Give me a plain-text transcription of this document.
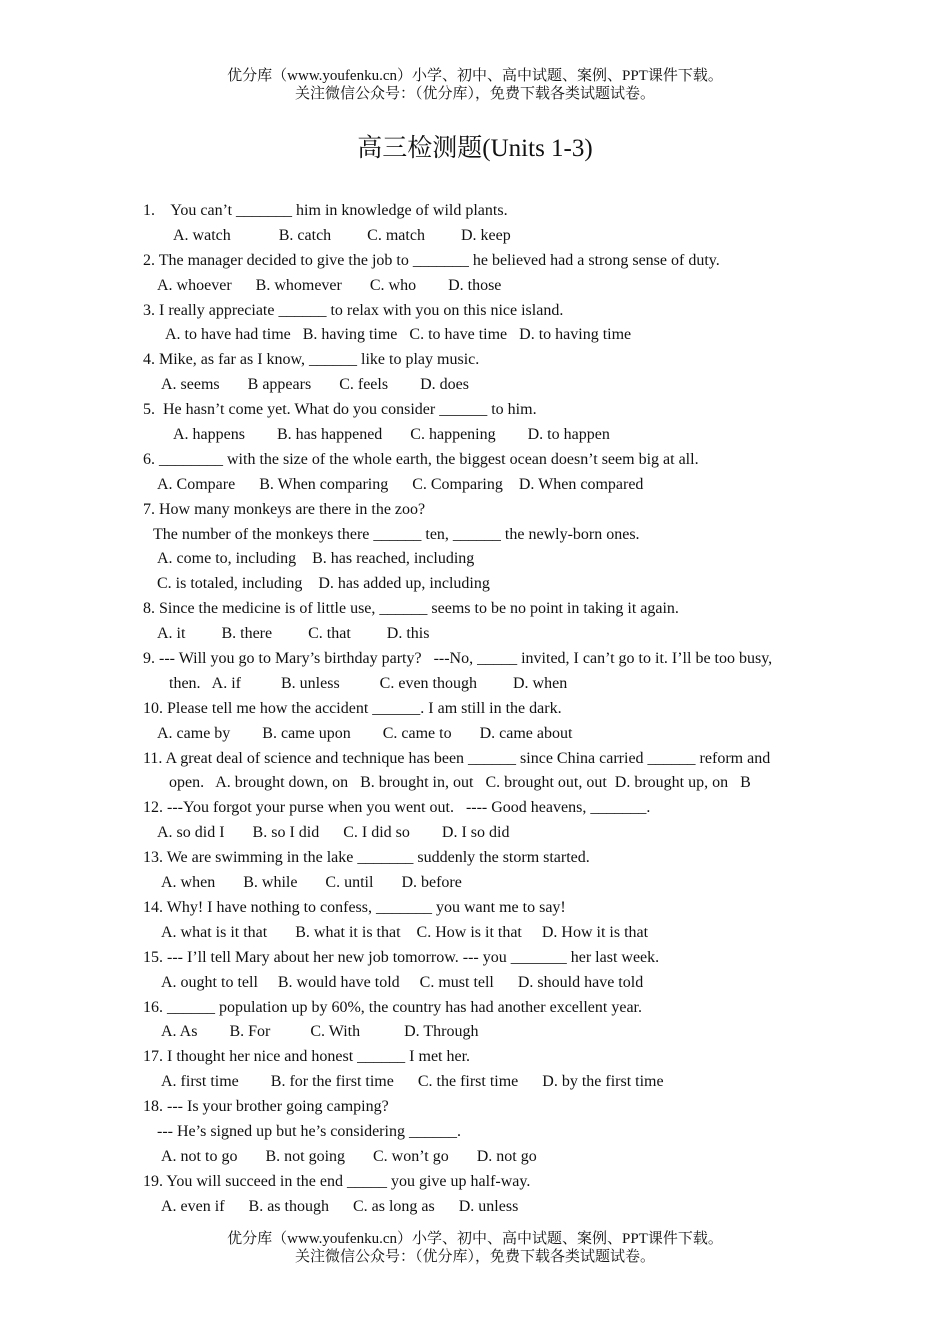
优分库（www.youfenku.cn）小学、初中、高中试题、案例、PPT课件下载。
关注微信公众号：（优分库），免费下载各类试题试卷。
高三检测题(Units 1-3)
1.    You can’t _______ him in knowledge of wild plants.
A. watch            B. catch         C. match         D. keep
2. The manager decided to give the job to _______ he believed had a strong sense of duty.
A. whoever      B. whomever       C. who        D. those
3. I really appreciate ______ to relax with you on this nice island.
A. to have had time   B. having time   C. to have time   D. to having time
4. Mike, as far as I know, ______ like to play music.
A. seems       B appears       C. feels        D. does
5.  He hasn’t come yet. What do you consider ______ to him.
A. happens        B. has happened       C. happening        D. to happen
6. ________ with the size of the whole earth, the biggest ocean doesn’t seem big at all.
A. Compare      B. When comparing      C. Comparing    D. When compared
7. How many monkeys are there in the zoo?
The number of the monkeys there ______ ten, ______ the newly-born ones.
A. come to, including    B. has reached, including
C. is totaled, including    D. has added up, including
8. Since the medicine is of little use, ______ seems to be no point in taking it again.
A. it         B. there         C. that         D. this
9. --- Will you go to Mary’s birthday party?   ---No, _____ invited, I can’t go to it. I’ll be too busy,
then.   A. if          B. unless          C. even though         D. when
10. Please tell me how the accident ______. I am still in the dark.
A. came by        B. came upon        C. came to       D. came about
11. A great deal of science and technique has been ______ since China carried ______ reform and
open.   A. brought down, on   B. brought in, out   C. brought out, out  D. brought up, on   B
12. ---You forgot your purse when you went out.   ---- Good heavens, _______.
A. so did I       B. so I did      C. I did so        D. I so did
13. We are swimming in the lake _______ suddenly the storm started.
A. when       B. while       C. until       D. before
14. Why! I have nothing to confess, _______ you want me to say!
A. what is it that       B. what it is that    C. How is it that     D. How it is that
15. --- I’ll tell Mary about her new job tomorrow. --- you _______ her last week.
A. ought to tell     B. would have told     C. must tell      D. should have told
16. ______ population up by 60%, the country has had another excellent year.
A. As        B. For          C. With           D. Through
17. I thought her nice and honest ______ I met her.
A. first time        B. for the first time      C. the first time      D. by the first time
18. --- Is your brother going camping?
--- He’s signed up but he’s considering ______.
A. not to go       B. not going       C. won’t go       D. not go
19. You will succeed in the end _____ you give up half-way.
A. even if      B. as though      C. as long as      D. unless
优分库（www.youfenku.cn）小学、初中、高中试题、案例、PPT课件下载。
关注微信公众号：（优分库），免费下载各类试题试卷。
